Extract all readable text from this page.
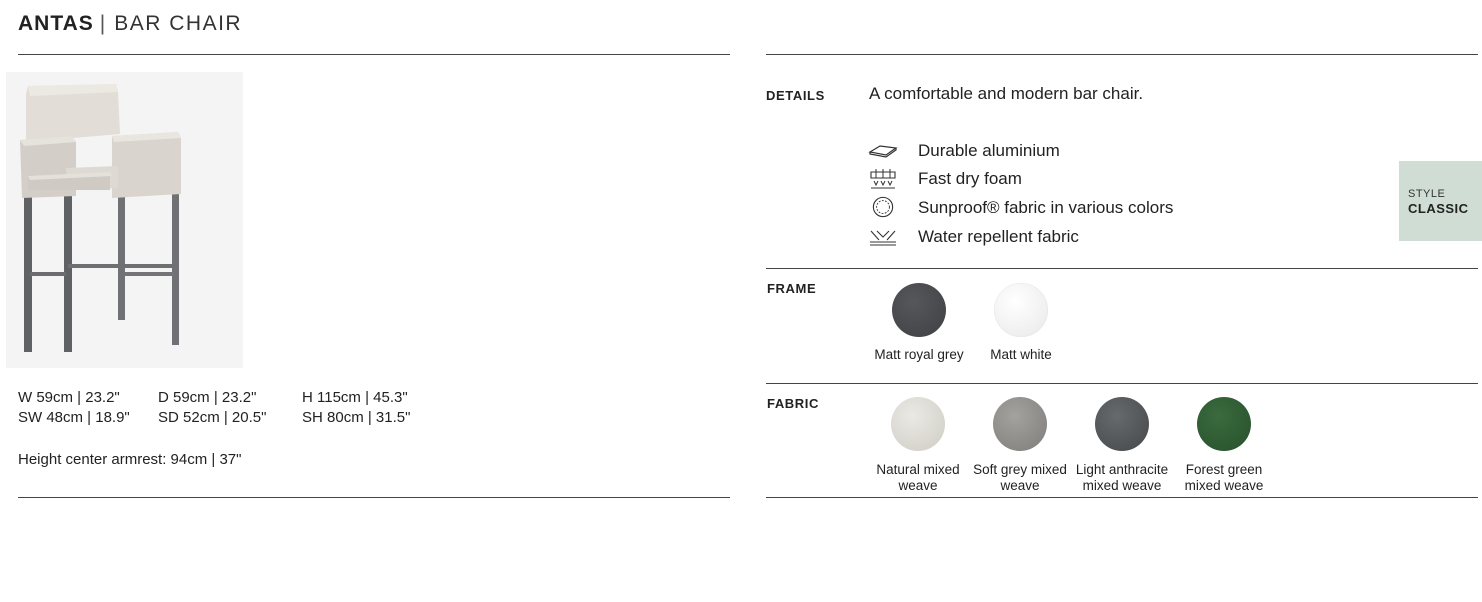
ANTAS | BAR CHAIR
W 59cm | 23.2"	D 59cm | 23.2"	H 115cm | 45.3"
SW 48cm | 18.9" SD 52cm | 20.5" SH 80cm | 31.5"
Height center armrest: 94cm | 37"
DETAILS	A comfortable and modern bar chair.
Durable aluminium
Fast dry foam
Sunproof® fabric in various colors
Water repellent fabric
STYLE
CLASSIC
FRAME
Matt royal grey	Matt white
FABRIC
Natural mixed weave
Soft grey mixed weave
Light anthracite mixed weave
Forest green mixed weave
